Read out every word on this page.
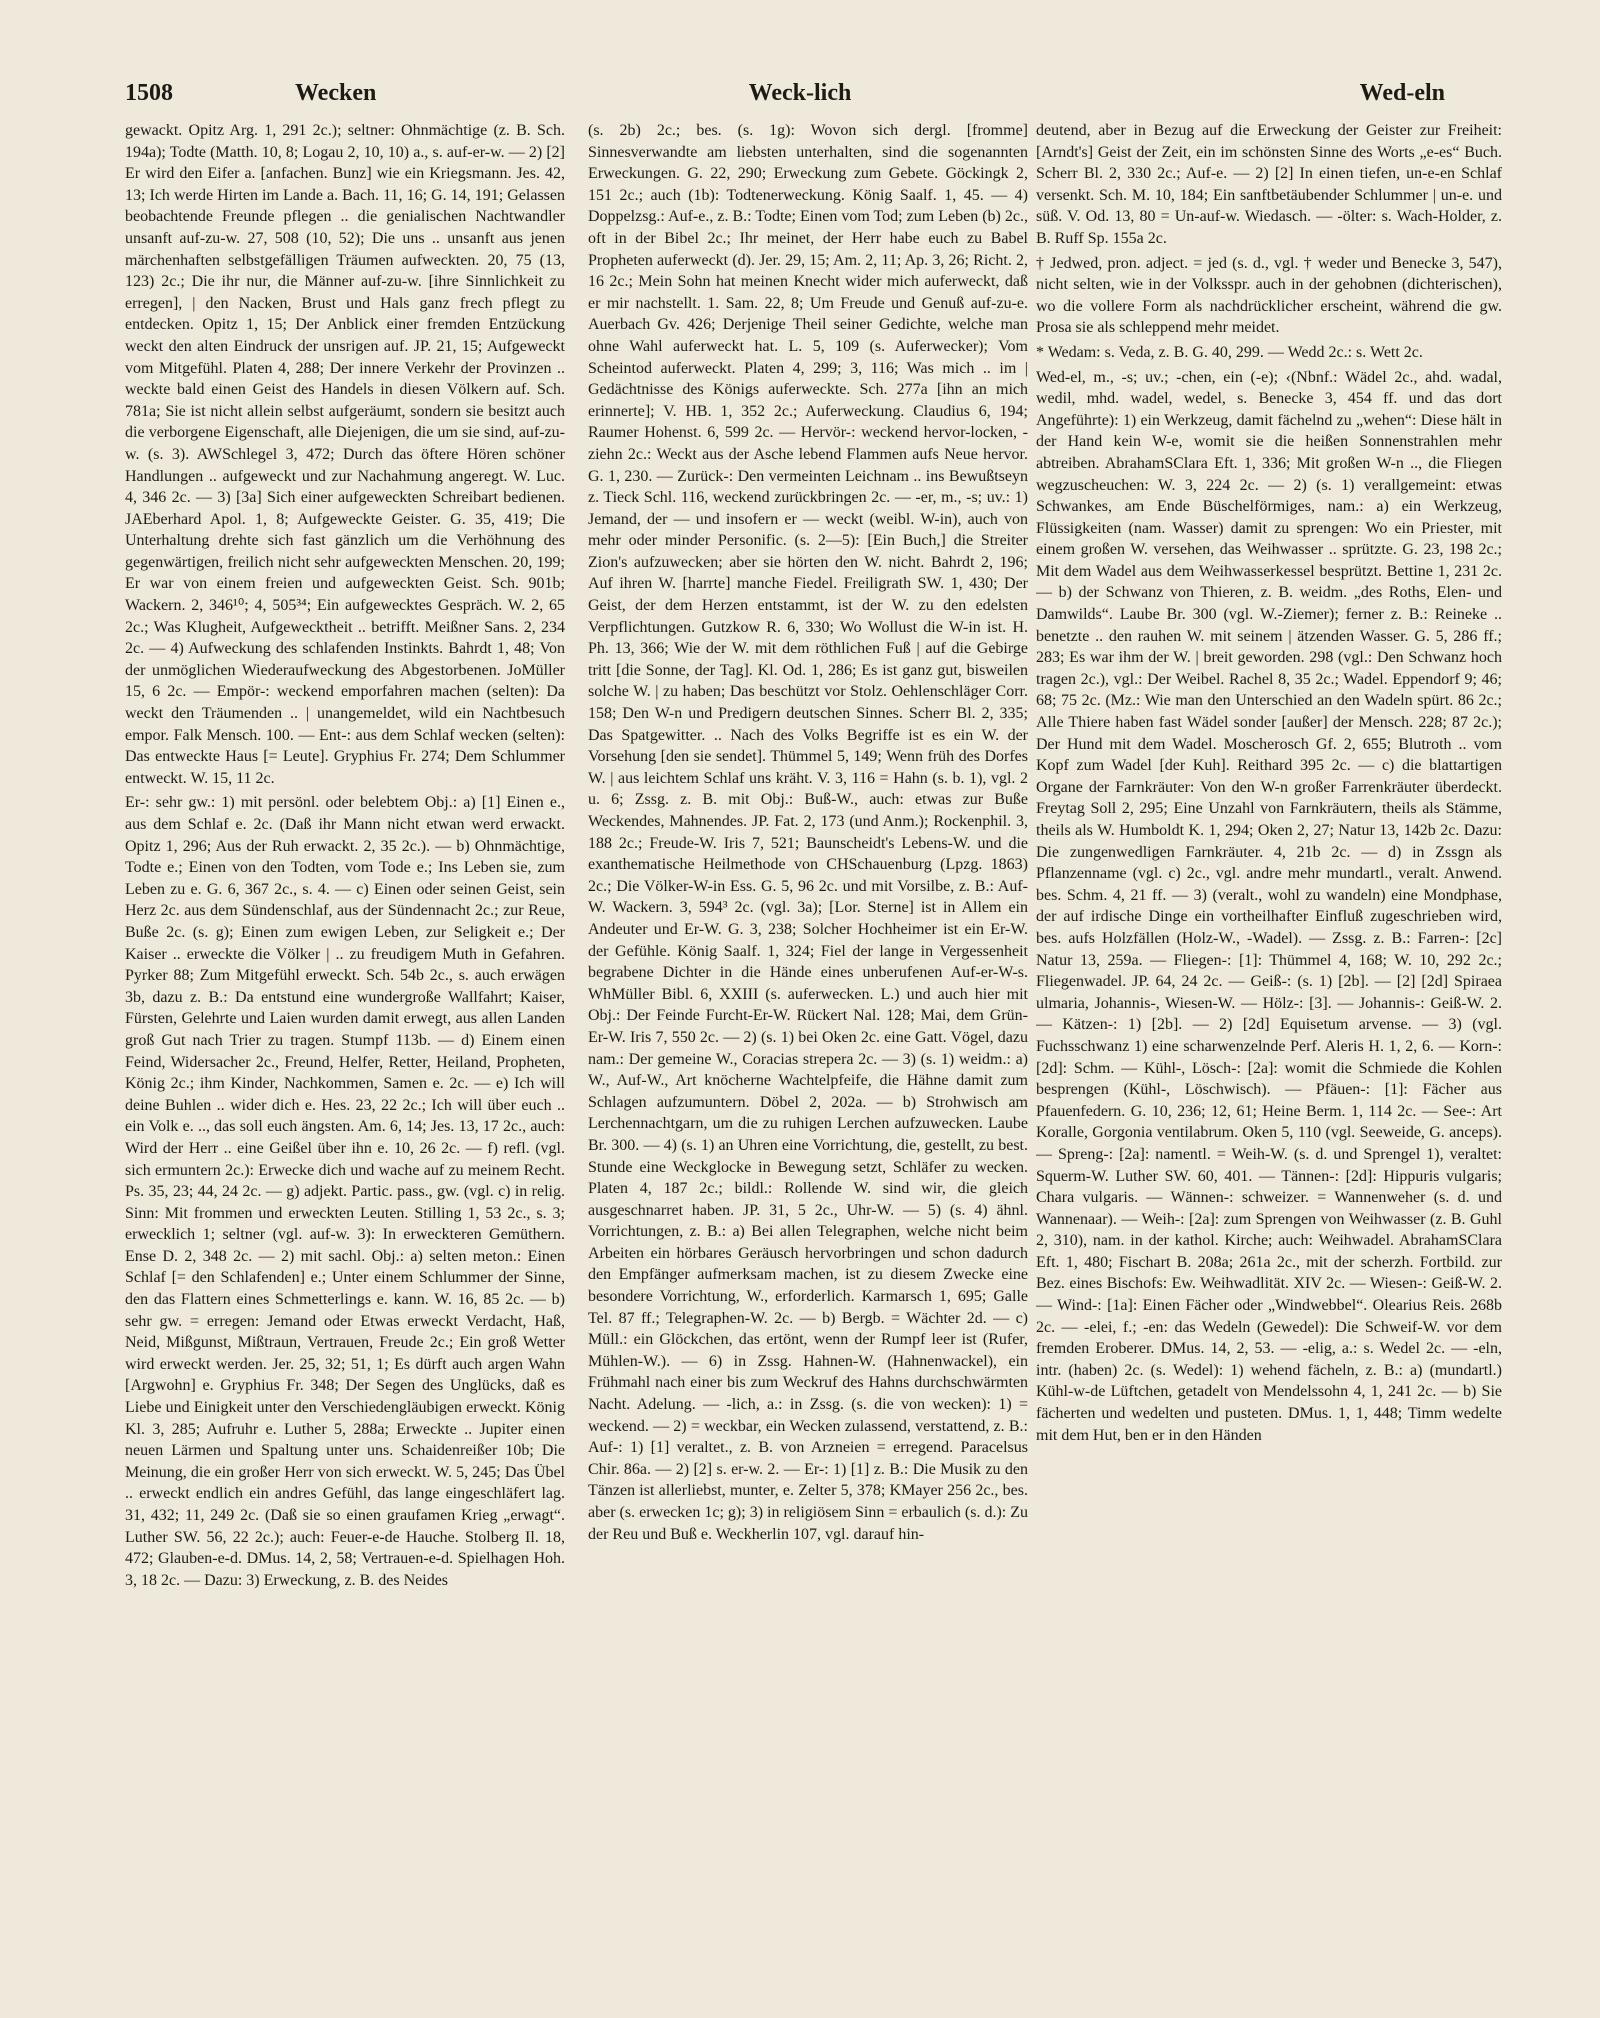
1508	Wecken	Weck-lich	Wed-eln

gewackt. Opitz Arg. 1, 291 2c.); seltner: Ohnmächtige (z. B. Sch. 194a); Todte (Matth. 10, 8; Logau 2, 10, 10) a., s. auf-er-w. — 2) [2] Er wird den Eifer a. [anfachen. Bunz] wie ein Kriegsmann. Jes. 42, 13; Ich werde Hirten im Lande a. Bach. 11, 16; G. 14, 191; Gelassen beobachtende Freunde pflegen .. die genialischen Nachtwandler unsanft auf-zu-w. 27, 508 (10, 52); Die uns .. unsanft aus jenen märchenhaften selbstgefälligen Träumen aufweckten. 20, 75 (13, 123) 2c.; Die ihr nur, die Männer auf-zu-w. [ihre Sinnlichkeit zu erregen], | den Nacken, Brust und Hals ganz frech pflegt zu entdecken. Opitz 1, 15; Der Anblick einer fremden Entzückung weckt den alten Eindruck der unsrigen auf. JP. 21, 15; Aufgeweckt vom Mitgefühl. Platen 4, 288; Der innere Verkehr der Provinzen .. weckte bald einen Geist des Handels in diesen Völkern auf. Sch. 781a; Sie ist nicht allein selbst aufgeräumt, sondern sie besitzt auch die verborgene Eigenschaft, alle Diejenigen, die um sie sind, auf-zu-w. (s. 3). AWSchlegel 3, 472; Durch das öftere Hören schöner Handlungen .. aufgeweckt und zur Nachahmung angeregt. W. Luc. 4, 346 2c. — 3) [3a] Sich einer aufgeweckten Schreibart bedienen. JAEberhard Apol. 1, 8; Aufgeweckte Geister. G. 35, 419; Die Unterhaltung drehte sich fast gänzlich um die Verhöhnung des gegenwärtigen, freilich nicht sehr aufgeweckten Menschen. 20, 199; Er war von einem freien und aufgeweckten Geist. Sch. 901b; Wackern. 2, 346¹⁰; 4, 505³⁴; Ein aufgewecktes Gespräch. W. 2, 65 2c.; Was Klugheit, Aufgewecktheit .. betrifft. Meißner Sans. 2, 234 2c. — 4) Aufweckung des schlafenden Instinkts. Bahrdt 1, 48; Von der unmöglichen Wiederaufweckung des Abgestorbenen. JoMüller 15, 6 2c. — Empör-: weckend emporfahren machen (selten): Da weckt den Träumenden .. | unangemeldet, wild ein Nachtbesuch empor. Falk Mensch. 100. — Ent-: aus dem Schlaf wecken (selten): Das entweckte Haus [= Leute]. Gryphius Fr. 274; Dem Schlummer entweckt. W. 15, 11 2c.

Er-: sehr gw.: 1) mit persönl. oder belebtem Obj.: a) [1] Einen e., aus dem Schlaf e. 2c. (Daß ihr Mann nicht etwan werd erwackt. Opitz 1, 296; Aus der Ruh erwackt. 2, 35 2c.). — b) Ohnmächtige, Todte e.; Einen von den Todten, vom Tode e.; Ins Leben sie, zum Leben zu e. G. 6, 367 2c., s. 4. — c) Einen oder seinen Geist, sein Herz 2c. aus dem Sündenschlaf, aus der Sündennacht 2c.; zur Reue, Buße 2c. (s. g); Einen zum ewigen Leben, zur Seligkeit e.; Der Kaiser .. erweckte die Völker | .. zu freudigem Muth in Gefahren. Pyrker 88; Zum Mitgefühl erweckt. Sch. 54b 2c., s. auch erwägen 3b, dazu z. B.: Da entstund eine wundergroße Wallfahrt; Kaiser, Fürsten, Gelehrte und Laien wurden damit erwegt, aus allen Landen groß Gut nach Trier zu tragen. Stumpf 113b. — d) Einem einen Feind, Widersacher 2c., Freund, Helfer, Retter, Heiland, Propheten, König 2c.; ihm Kinder, Nachkommen, Samen e. 2c. — e) Ich will deine Buhlen .. wider dich e. Hes. 23, 22 2c.; Ich will über euch .. ein Volk e. .., das soll euch ängsten. Am. 6, 14; Jes. 13, 17 2c., auch: Wird der Herr .. eine Geißel über ihn e. 10, 26 2c. — f) refl. (vgl. sich ermuntern 2c.): Erwecke dich und wache auf zu meinem Recht. Ps. 35, 23; 44, 24 2c. — g) adjekt. Partic. pass., gw. (vgl. c) in relig. Sinn: Mit frommen und erweckten Leuten. Stilling 1, 53 2c., s. 3; erwecklich 1; seltner (vgl. auf-w. 3): In erweckteren Gemüthern. Ense D. 2, 348 2c. — 2) mit sachl. Obj.: a) selten meton.: Einen Schlaf [= den Schlafenden] e.; Unter einem Schlummer der Sinne, den das Flattern eines Schmetterlings e. kann. W. 16, 85 2c. — b) sehr gw. = erregen: Jemand oder Etwas erweckt Verdacht, Haß, Neid, Mißgunst, Mißtraun, Vertrauen, Freude 2c.; Ein groß Wetter wird erweckt werden. Jer. 25, 32; 51, 1; Es dürft auch argen Wahn [Argwohn] e. Gryphius Fr. 348; Der Segen des Unglücks, daß es Liebe und Einigkeit unter den Verschiedengläubigen erweckt. König Kl. 3, 285; Aufruhr e. Luther 5, 288a; Erweckte .. Jupiter einen neuen Lärmen und Spaltung unter uns. Schaidenreißer 10b; Die Meinung, die ein großer Herr von sich erweckt. W. 5, 245; Das Übel .. erweckt endlich ein andres Gefühl, das lange eingeschläfert lag. 31, 432; 11, 249 2c. (Daß sie so einen graufamen Krieg „erwagt“. Luther SW. 56, 22 2c.); auch: Feuer-e-de Hauche. Stolberg Il. 18, 472; Glauben-e-d. DMus. 14, 2, 58; Vertrauen-e-d. Spielhagen Hoh. 3, 18 2c. — Dazu: 3) Erweckung, z. B. des Neides

(s. 2b) 2c.; bes. (s. 1g): Wovon sich dergl. [fromme] Sinnesverwandte am liebsten unterhalten, sind die sogenannten Erweckungen. G. 22, 290; Erweckung zum Gebete. Göckingk 2, 151 2c.; auch (1b): Todtenerweckung. König Saalf. 1, 45. — 4) Doppelzsg.: Auf-e., z. B.: Todte; Einen vom Tod; zum Leben (b) 2c., oft in der Bibel 2c.; Ihr meinet, der Herr habe euch zu Babel Propheten auferweckt (d). Jer. 29, 15; Am. 2, 11; Ap. 3, 26; Richt. 2, 16 2c.; Mein Sohn hat meinen Knecht wider mich auferweckt, daß er mir nachstellt. 1. Sam. 22, 8; Um Freude und Genuß auf-zu-e. Auerbach Gv. 426; Derjenige Theil seiner Gedichte, welche man ohne Wahl auferweckt hat. L. 5, 109 (s. Auferwecker); Vom Scheintod auferweckt. Platen 4, 299; 3, 116; Was mich .. im | Gedächtnisse des Königs auferweckte. Sch. 277a [ihn an mich erinnerte]; V. HB. 1, 352 2c.; Auferweckung. Claudius 6, 194; Raumer Hohenst. 6, 599 2c. — Hervör-: weckend hervor-locken, -ziehn 2c.: Weckt aus der Asche lebend Flammen aufs Neue hervor. G. 1, 230. — Zurück-: Den vermeinten Leichnam .. ins Bewußtseyn z. Tieck Schl. 116, weckend zurückbringen 2c. — -er, m., -s; uv.: 1) Jemand, der — und insofern er — weckt (weibl. W-in), auch von mehr oder minder Personific. (s. 2—5): [Ein Buch,] die Streiter Zion's aufzuwecken; aber sie hörten den W. nicht. Bahrdt 2, 196; Auf ihren W. [harrte] manche Fiedel. Freiligrath SW. 1, 430; Der Geist, der dem Herzen entstammt, ist der W. zu den edelsten Verpflichtungen. Gutzkow R. 6, 330; Wo Wollust die W-in ist. H. Ph. 13, 366; Wie der W. mit dem röthlichen Fuß | auf die Gebirge tritt [die Sonne, der Tag]. Kl. Od. 1, 286; Es ist ganz gut, bisweilen solche W. | zu haben; Das beschützt vor Stolz. Oehlenschläger Corr. 158; Den W-n und Predigern deutschen Sinnes. Scherr Bl. 2, 335; Das Spatgewitter. .. Nach des Volks Begriffe ist es ein W. der Vorsehung [den sie sendet]. Thümmel 5, 149; Wenn früh des Dorfes W. | aus leichtem Schlaf uns kräht. V. 3, 116 = Hahn (s. b. 1), vgl. 2 u. 6; Zssg. z. B. mit Obj.: Buß-W., auch: etwas zur Buße Weckendes, Mahnendes. JP. Fat. 2, 173 (und Anm.); Rockenphil. 3, 188 2c.; Freude-W. Iris 7, 521; Baunscheidt's Lebens-W. und die exanthematische Heilmethode von CHSchauenburg (Lpzg. 1863) 2c.; Die Völker-W-in Ess. G. 5, 96 2c. und mit Vorsilbe, z. B.: Auf-W. Wackern. 3, 594³ 2c. (vgl. 3a); [Lor. Sterne] ist in Allem ein Andeuter und Er-W. G. 3, 238; Solcher Hochheimer ist ein Er-W. der Gefühle. König Saalf. 1, 324; Fiel der lange in Vergessenheit begrabene Dichter in die Hände eines unberufenen Auf-er-W-s. WhMüller Bibl. 6, XXIII (s. auferwecken. L.) und auch hier mit Obj.: Der Feinde Furcht-Er-W. Rückert Nal. 128; Mai, dem Grün-Er-W. Iris 7, 550 2c. — 2) (s. 1) bei Oken 2c. eine Gatt. Vögel, dazu nam.: Der gemeine W., Coracias strepera 2c. — 3) (s. 1) weidm.: a) W., Auf-W., Art knöcherne Wachtelpfeife, die Hähne damit zum Schlagen aufzumuntern. Döbel 2, 202a. — b) Strohwisch am Lerchennachtgarn, um die zu ruhigen Lerchen aufzuwecken. Laube Br. 300. — 4) (s. 1) an Uhren eine Vorrichtung, die, gestellt, zu best. Stunde eine Weckglocke in Bewegung setzt, Schläfer zu wecken. Platen 4, 187 2c.; bildl.: Rollende W. sind wir, die gleich ausgeschnarret haben. JP. 31, 5 2c., Uhr-W. — 5) (s. 4) ähnl. Vorrichtungen, z. B.: a) Bei allen Telegraphen, welche nicht beim Arbeiten ein hörbares Geräusch hervorbringen und schon dadurch den Empfänger aufmerksam machen, ist zu diesem Zwecke eine besondere Vorrichtung, W., erforderlich. Karmarsch 1, 695; Galle Tel. 87 ff.; Telegraphen-W. 2c. — b) Bergb. = Wächter 2d. — c) Müll.: ein Glöckchen, das ertönt, wenn der Rumpf leer ist (Rufer, Mühlen-W.). — 6) in Zssg. Hahnen-W. (Hahnenwackel), ein Frühmahl nach einer bis zum Weckruf des Hahns durchschwärmten Nacht. Adelung. — -lich, a.: in Zssg. (s. die von wecken): 1) = weckend. — 2) = weckbar, ein Wecken zulassend, verstattend, z. B.: Auf-: 1) [1] veraltet., z. B. von Arzneien = erregend. Paracelsus Chir. 86a. — 2) [2] s. er-w. 2. — Er-: 1) [1] z. B.: Die Musik zu den Tänzen ist allerliebst, munter, e. Zelter 5, 378; KMayer 256 2c., bes. aber (s. erwecken 1c; g); 3) in religiösem Sinn = erbaulich (s. d.): Zu der Reu und Buß e. Weckherlin 107, vgl. darauf hin-

deutend, aber in Bezug auf die Erweckung der Geister zur Freiheit: [Arndt's] Geist der Zeit, ein im schönsten Sinne des Worts „e-es“ Buch. Scherr Bl. 2, 330 2c.; Auf-e. — 2) [2] In einen tiefen, un-e-en Schlaf versenkt. Sch. M. 10, 184; Ein sanftbetäubender Schlummer | un-e. und süß. V. Od. 13, 80 = Un-auf-w. Wiedasch. — -ölter: s. Wach-Holder, z. B. Ruff Sp. 155a 2c.

† Jedwed, pron. adject. = jed (s. d., vgl. † weder und Benecke 3, 547), nicht selten, wie in der Volksspr. auch in der gehobnen (dichterischen), wo die vollere Form als nachdrücklicher erscheint, während die gw. Prosa sie als schleppend mehr meidet.

* Wedam: s. Veda, z. B. G. 40, 299. — Wedd 2c.: s. Wett 2c.

Wed-el, m., -s; uv.; -chen, ein (-e); ‹(Nbnf.: Wädel 2c., ahd. wadal, wedil, mhd. wadel, wedel, s. Benecke 3, 454 ff. und das dort Angeführte): 1) ein Werkzeug, damit fächelnd zu „wehen“: Diese hält in der Hand kein W-e, womit sie die heißen Sonnenstrahlen mehr abtreiben. AbrahamSClara Eft. 1, 336; Mit großen W-n .., die Fliegen wegzuscheuchen: W. 3, 224 2c. — 2) (s. 1) verallgemeint: etwas Schwankes, am Ende Büschelförmiges, nam.: a) ein Werkzeug, Flüssigkeiten (nam. Wasser) damit zu sprengen: Wo ein Priester, mit einem großen W. versehen, das Weihwasser .. sprützte. G. 23, 198 2c.; Mit dem Wadel aus dem Weihwasserkessel besprützt. Bettine 1, 231 2c. — b) der Schwanz von Thieren, z. B. weidm. „des Roths, Elen- und Damwilds“. Laube Br. 300 (vgl. W.-Ziemer); ferner z. B.: Reineke .. benetzte .. den rauhen W. mit seinem | ätzenden Wasser. G. 5, 286 ff.; 283; Es war ihm der W. | breit geworden. 298 (vgl.: Den Schwanz hoch tragen 2c.), vgl.: Der Weibel. Rachel 8, 35 2c.; Wadel. Eppendorf 9; 46; 68; 75 2c. (Mz.: Wie man den Unterschied an den Wadeln spürt. 86 2c.; Alle Thiere haben fast Wädel sonder [außer] der Mensch. 228; 87 2c.); Der Hund mit dem Wadel. Moscherosch Gf. 2, 655; Blutroth .. vom Kopf zum Wadel [der Kuh]. Reithard 395 2c. — c) die blattartigen Organe der Farnkräuter: Von den W-n großer Farrenkräuter überdeckt. Freytag Soll 2, 295; Eine Unzahl von Farnkräutern, theils als Stämme, theils als W. Humboldt K. 1, 294; Oken 2, 27; Natur 13, 142b 2c. Dazu: Die zungenwedligen Farnkräuter. 4, 21b 2c. — d) in Zssgn als Pflanzenname (vgl. c) 2c., vgl. andre mehr mundartl., veralt. Anwend. bes. Schm. 4, 21 ff. — 3) (veralt., wohl zu wandeln) eine Mondphase, der auf irdische Dinge ein vortheilhafter Einfluß zugeschrieben wird, bes. aufs Holzfällen (Holz-W., -Wadel). — Zssg. z. B.: Farren-: [2c] Natur 13, 259a. — Fliegen-: [1]: Thümmel 4, 168; W. 10, 292 2c.; Fliegenwadel. JP. 64, 24 2c. — Geiß-: (s. 1) [2b]. — [2] [2d] Spiraea ulmaria, Johannis-, Wiesen-W. — Hölz-: [3]. — Johannis-: Geiß-W. 2. — Kätzen-: 1) [2b]. — 2) [2d] Equisetum arvense. — 3) (vgl. Fuchsschwanz 1) eine scharwenzelnde Perf. Aleris H. 1, 2, 6. — Korn-: [2d]: Schm. — Kühl-, Lösch-: [2a]: womit die Schmiede die Kohlen besprengen (Kühl-, Löschwisch). — Pfäuen-: [1]: Fächer aus Pfauenfedern. G. 10, 236; 12, 61; Heine Berm. 1, 114 2c. — See-: Art Koralle, Gorgonia ventilabrum. Oken 5, 110 (vgl. Seeweide, G. anceps). — Spreng-: [2a]: namentl. = Weih-W. (s. d. und Sprengel 1), veraltet: Squerm-W. Luther SW. 60, 401. — Tännen-: [2d]: Hippuris vulgaris; Chara vulgaris. — Wännen-: schweizer. = Wannenweher (s. d. und Wannenaar). — Weih-: [2a]: zum Sprengen von Weihwasser (z. B. Guhl 2, 310), nam. in der kathol. Kirche; auch: Weihwadel. AbrahamSClara Eft. 1, 480; Fischart B. 208a; 261a 2c., mit der scherzh. Fortbild. zur Bez. eines Bischofs: Ew. Weihwadlität. XIV 2c. — Wiesen-: Geiß-W. 2. — Wind-: [1a]: Einen Fächer oder „Windwebbel“. Olearius Reis. 268b 2c. — -elei, f.; -en: das Wedeln (Gewedel): Die Schweif-W. vor dem fremden Eroberer. DMus. 14, 2, 53. — -elig, a.: s. Wedel 2c. — -eln, intr. (haben) 2c. (s. Wedel): 1) wehend fächeln, z. B.: a) (mundartl.) Kühl-w-de Lüftchen, getadelt von Mendelssohn 4, 1, 241 2c. — b) Sie fächerten und wedelten und pusteten. DMus. 1, 1, 448; Timm wedelte mit dem Hut, ben er in den Händen
